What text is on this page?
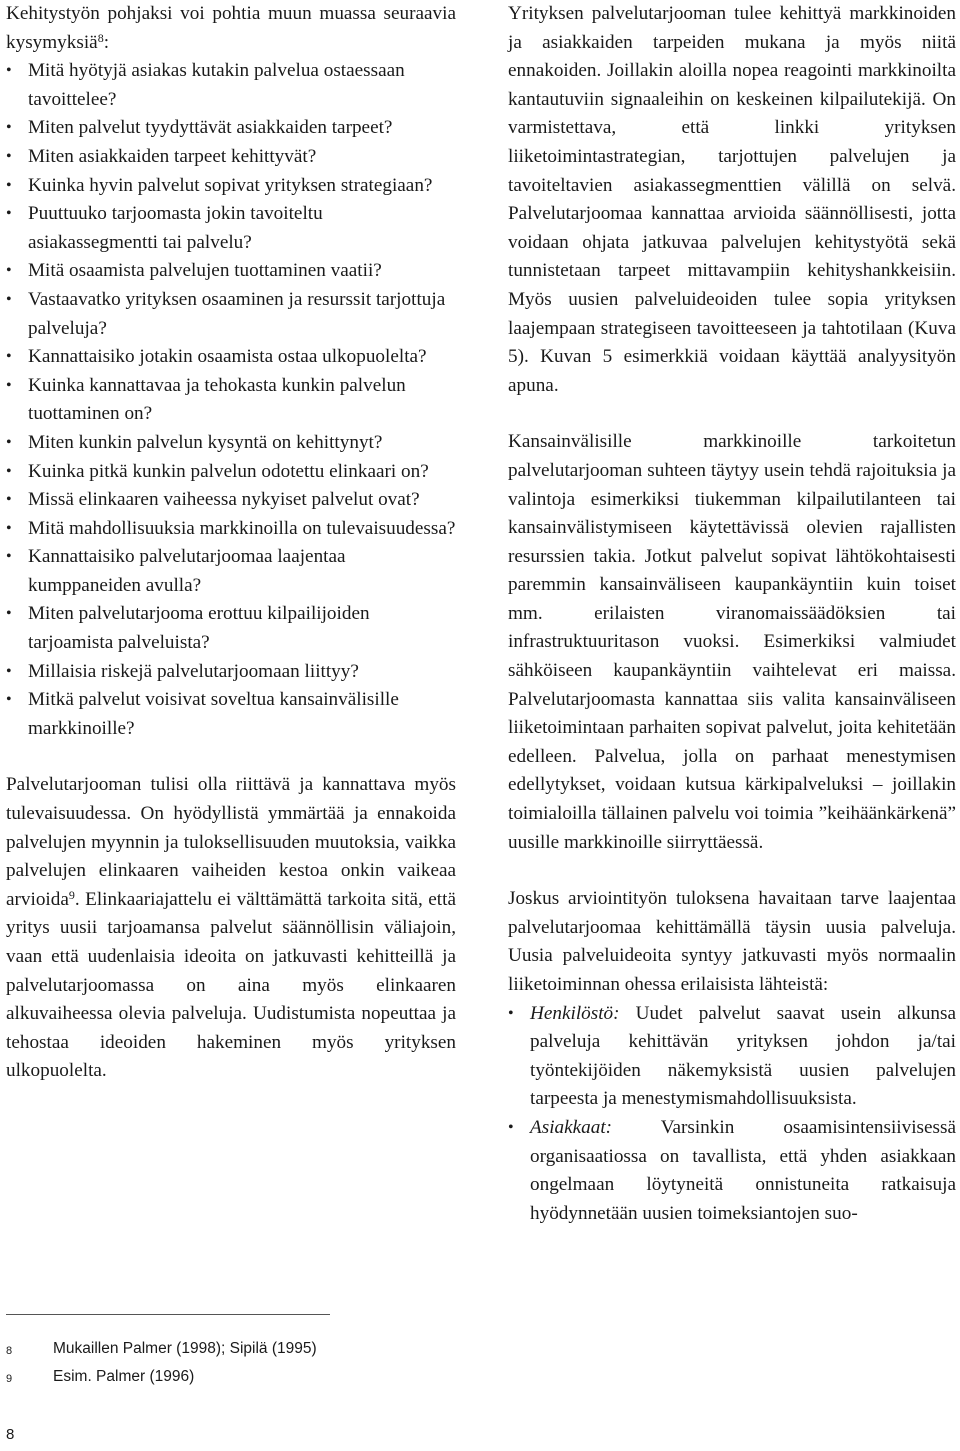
Kehitystyön pohjaksi voi pohtia muun muassa seuraavia kysymyksiä$^8$:

• Mitä hyötyjä asiakas kutakin palvelua ostaessaan tavoittelee?
• Miten palvelut tyydyttävät asiakkaiden tarpeet?
• Miten asiakkaiden tarpeet kehittyvät?
• Kuinka hyvin palvelut sopivat yrityksen strategiaan?
• Puuttuuko tarjoomasta jokin tavoiteltu asiakassegmentti tai palvelu?
• Mitä osaamista palvelujen tuottaminen vaatii?
• Vastaavatko yrityksen osaaminen ja resurssit tarjottuja palveluja?
• Kannattaisiko jotakin osaamista ostaa ulkopuolelta?
• Kuinka kannattavaa ja tehokasta kunkin palvelun tuottaminen on?
• Miten kunkin palvelun kysyntä on kehittynyt?
• Kuinka pitkä kunkin palvelun odotettu elinkaari on?
• Missä elinkaaren vaiheessa nykyiset palvelut ovat?
• Mitä mahdollisuuksia markkinoilla on tulevaisuudessa?
• Kannattaisiko palvelutarjoomaa laajentaa kumppaneiden avulla?
• Miten palvelutarjooma erottuu kilpailijoiden tarjoamista palveluista?
• Millaisia riskejä palvelutarjoomaan liittyy?
• Mitkä palvelut voisivat soveltua kansainvälisille markkinoille?

Palvelutarjooman tulisi olla riittävä ja kannattava myös tulevaisuudessa. On hyödyllistä ymmärtää ja ennakoida palvelujen myynnin ja tuloksellisuuden muutoksia, vaikka palvelujen elinkaaren vaiheiden kestoa onkin vaikeaa arvioida$^9$. Elinkaariajattelu ei välttämättä tarkoita sitä, että yritys uusii tarjoamansa palvelut säännöllisin väliajoin, vaan että uudenlaisia ideoita on jatkuvasti kehitteillä ja palvelutarjoomassa on aina myös elinkaaren alkuvaiheessa olevia palveluja. Uudistumista nopeuttaa ja tehostaa ideoiden hakeminen myös yrityksen ulkopuolelta.

Yrityksen palvelutarjooman tulee kehittyä markkinoiden ja asiakkaiden tarpeiden mukana ja myös niitä ennakoiden. Joillakin aloilla nopea reagointi markkinoilta kantautuviin signaaleihin on keskeinen kilpailutekijä. On varmistettava, että linkki yrityksen liiketoimintastrategian, tarjottujen palvelujen ja tavoiteltavien asiakassegmenttien välillä on selvä. Palvelutarjoomaa kannattaa arvioida säännöllisesti, jotta voidaan ohjata jatkuvaa palvelujen kehitystyötä sekä tunnistetaan tarpeet mittavampiin kehityshankkeisiin. Myös uusien palveluideoiden tulee sopia yrityksen laajempaan strategiseen tavoitteeseen ja tahtotilaan (Kuva 5). Kuvan 5 esimerkkiä voidaan käyttää analyysityön apuna.

Kansainvälisille markkinoille tarkoitetun palvelutarjooman suhteen täytyy usein tehdä rajoituksia ja valintoja esimerkiksi tiukemman kilpailutilanteen tai kansainvälistymiseen käytettävissä olevien rajallisten resurssien takia. Jotkut palvelut sopivat lähtökohtaisesti paremmin kansainväliseen kaupankäyntiin kuin toiset mm. erilaisten viranomaissäädöksien tai infrastruktuuritason vuoksi. Esimerkiksi valmiudet sähköiseen kaupankäyntiin vaihtelevat eri maissa. Palvelutarjoomasta kannattaa siis valita kansainväliseen liiketoimintaan parhaiten sopivat palvelut, joita kehitetään edelleen. Palvelua, jolla on parhaat menestymisen edellytykset, voidaan kutsua kärkipalveluksi – joillakin toimialoilla tällainen palvelu voi toimia ”keihäänkärkenä” uusille markkinoille siirryttäessä.

Joskus arviointityön tuloksena havaitaan tarve laajentaa palvelutarjoomaa kehittämällä täysin uusia palveluja. Uusia palveluideoita syntyy jatkuvasti myös normaalin liiketoiminnan ohessa erilaisista lähteistä:

• Henkilöstö: Uudet palvelut saavat usein alkunsa palveluja kehittävän yrityksen johdon ja/tai työntekijöiden näkemyksistä uusien palvelujen tarpeesta ja menestymismahdollisuuksista.
• Asiakkaat: Varsinkin osaamisintensiivisessä organisaatiossa on tavallista, että yhden asiakkaan ongelmaan löytyneitä onnistuneita ratkaisuja hyödynnetään uusien toimeksiantojen suo-
8	Mukaillen Palmer (1998); Sipilä (1995)
9	Esim. Palmer (1996)
8
